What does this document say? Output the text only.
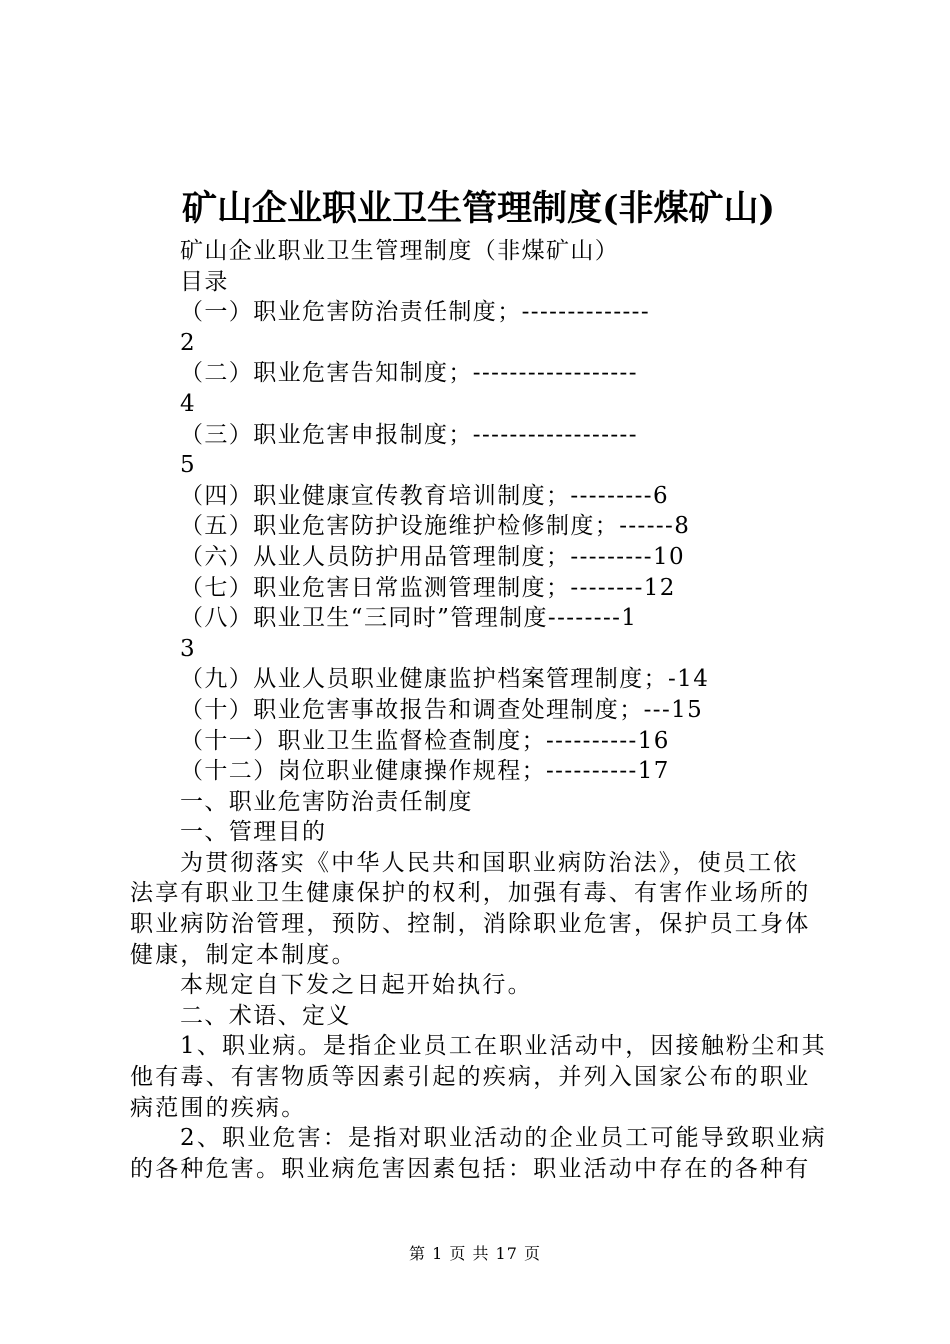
矿山企业职业卫生管理制度(非煤矿山)
矿山企业职业卫生管理制度（非煤矿山）
目录
（一）职业危害防治责任制度；--------------
2
（二）职业危害告知制度；------------------
4
（三）职业危害申报制度；------------------
5
（四）职业健康宣传教育培训制度；---------6
（五）职业危害防护设施维护检修制度；------8
（六）从业人员防护用品管理制度；---------10
（七）职业危害日常监测管理制度；--------12
（八）职业卫生“三同时”管理制度--------1
3
（九）从业人员职业健康监护档案管理制度；-14
（十）职业危害事故报告和调查处理制度；---15
（十一）职业卫生监督检查制度；----------16
（十二）岗位职业健康操作规程；----------17
一、职业危害防治责任制度
一、管理目的
为贯彻落实《中华人民共和国职业病防治法》，使员工依
法享有职业卫生健康保护的权利，加强有毒、有害作业场所的
职业病防治管理，预防、控制，消除职业危害，保护员工身体
健康，制定本制度。
本规定自下发之日起开始执行。
二、术语、定义
1、职业病。是指企业员工在职业活动中，因接触粉尘和其
他有毒、有害物质等因素引起的疾病，并列入国家公布的职业
病范围的疾病。
2、职业危害：是指对职业活动的企业员工可能导致职业病
的各种危害。职业病危害因素包括：职业活动中存在的各种有
第 1 页 共 17 页
